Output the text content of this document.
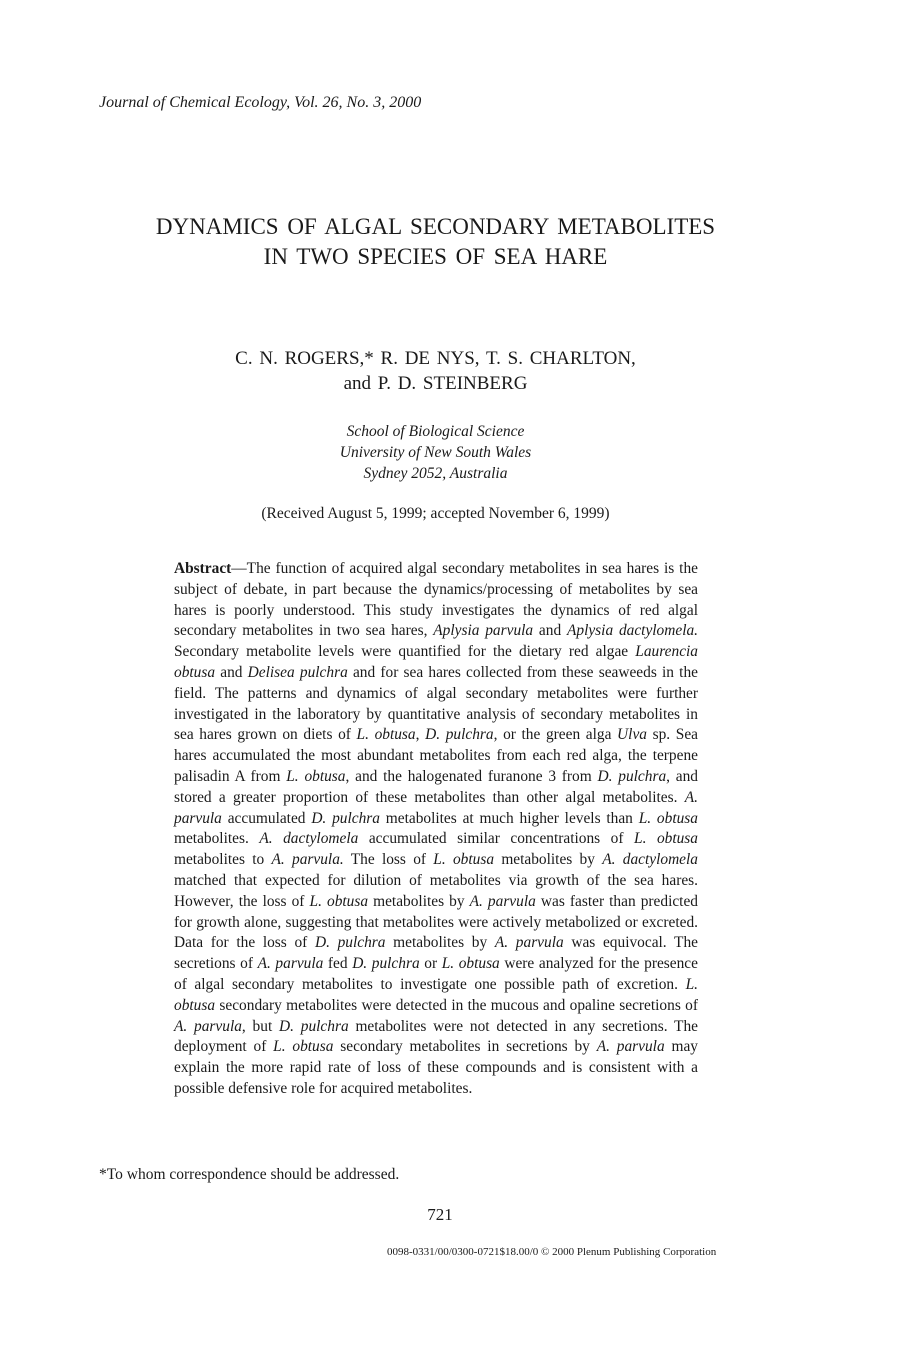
Journal of Chemical Ecology, Vol. 26, No. 3, 2000
DYNAMICS OF ALGAL SECONDARY METABOLITES
IN TWO SPECIES OF SEA HARE
C. N. ROGERS,* R. DE NYS, T. S. CHARLTON,
and P. D. STEINBERG
School of Biological Science
University of New South Wales
Sydney 2052, Australia
(Received August 5, 1999; accepted November 6, 1999)
Abstract—The function of acquired algal secondary metabolites in sea hares is the subject of debate, in part because the dynamics/processing of metabolites by sea hares is poorly understood. This study investigates the dynamics of red algal secondary metabolites in two sea hares, Aplysia parvula and Aplysia dactylomela. Secondary metabolite levels were quantified for the dietary red algae Laurencia obtusa and Delisea pulchra and for sea hares collected from these seaweeds in the field. The patterns and dynamics of algal secondary metabolites were further investigated in the laboratory by quantitative analysis of secondary metabolites in sea hares grown on diets of L. obtusa, D. pulchra, or the green alga Ulva sp. Sea hares accumulated the most abundant metabolites from each red alga, the terpene palisadin A from L. obtusa, and the halogenated furanone 3 from D. pulchra, and stored a greater proportion of these metabolites than other algal metabolites. A. parvula accumulated D. pulchra metabolites at much higher levels than L. obtusa metabolites. A. dactylomela accumulated similar concentrations of L. obtusa metabolites to A. parvula. The loss of L. obtusa metabolites by A. dactylomela matched that expected for dilution of metabolites via growth of the sea hares. However, the loss of L. obtusa metabolites by A. parvula was faster than predicted for growth alone, suggesting that metabolites were actively metabolized or excreted. Data for the loss of D. pulchra metabolites by A. parvula was equivocal. The secretions of A. parvula fed D. pulchra or L. obtusa were analyzed for the presence of algal secondary metabolites to investigate one possible path of excretion. L. obtusa secondary metabolites were detected in the mucous and opaline secretions of A. parvula, but D. pulchra metabolites were not detected in any secretions. The deployment of L. obtusa secondary metabolites in secretions by A. parvula may explain the more rapid rate of loss of these compounds and is consistent with a possible defensive role for acquired metabolites.
*To whom correspondence should be addressed.
721
0098-0331/00/0300-0721$18.00/0 © 2000 Plenum Publishing Corporation
